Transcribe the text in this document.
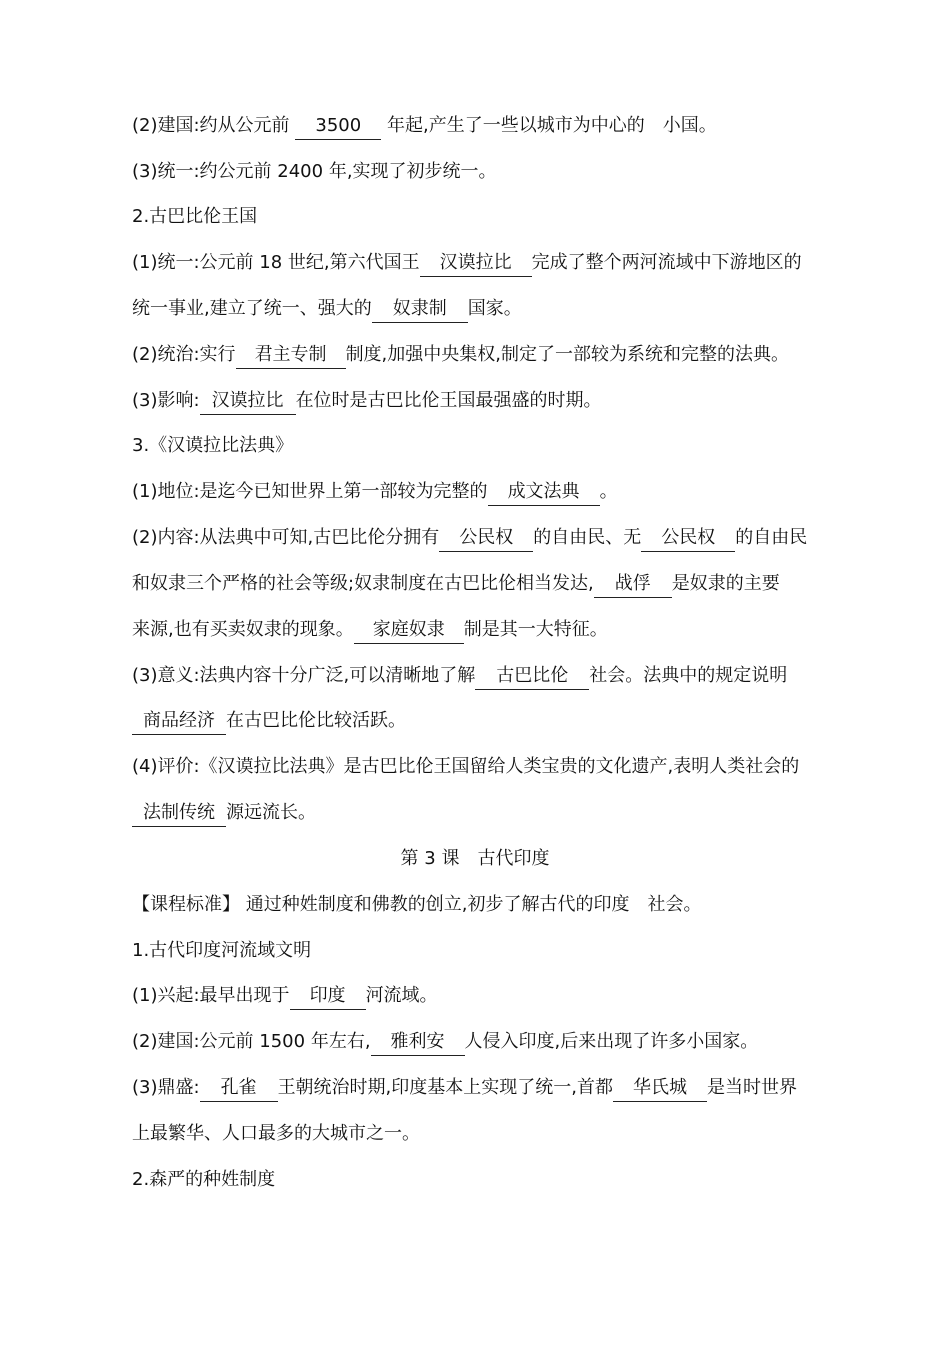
(2)建国:约从公元前 3500 年起,产生了一些以城市为中心的　小国。
(3)统一:约公元前 2400 年,实现了初步统一。
2.古巴比伦王国
(1)统一:公元前 18 世纪,第六代国王 汉谟拉比 完成了整个两河流域中下游地区的
统一事业,建立了统一、强大的 奴隶制 国家。
(2)统治:实行 君主专制 制度,加强中央集权,制定了一部较为系统和完整的法典。
(3)影响: 汉谟拉比 在位时是古巴比伦王国最强盛的时期。
3.《汉谟拉比法典》
(1)地位:是迄今已知世界上第一部较为完整的 成文法典 。
(2)内容:从法典中可知,古巴比伦分拥有 公民权 的自由民、无 公民权 的自由民
和奴隶三个严格的社会等级;奴隶制度在古巴比伦相当发达, 战俘 是奴隶的主要
来源,也有买卖奴隶的现象。 家庭奴隶 制是其一大特征。
(3)意义:法典内容十分广泛,可以清晰地了解 古巴比伦 社会。法典中的规定说明
商品经济 在古巴比伦比较活跃。
(4)评价:《汉谟拉比法典》是古巴比伦王国留给人类宝贵的文化遗产,表明人类社会的
法制传统 源远流长。
第 3 课　古代印度
【课程标准】 通过种姓制度和佛教的创立,初步了解古代的印度　社会。
1.古代印度河流域文明
(1)兴起:最早出现于 印度 河流域。
(2)建国:公元前 1500 年左右, 雅利安 人侵入印度,后来出现了许多小国家。
(3)鼎盛: 孔雀 王朝统治时期,印度基本上实现了统一,首都 华氏城 是当时世界
上最繁华、人口最多的大城市之一。
2.森严的种姓制度
